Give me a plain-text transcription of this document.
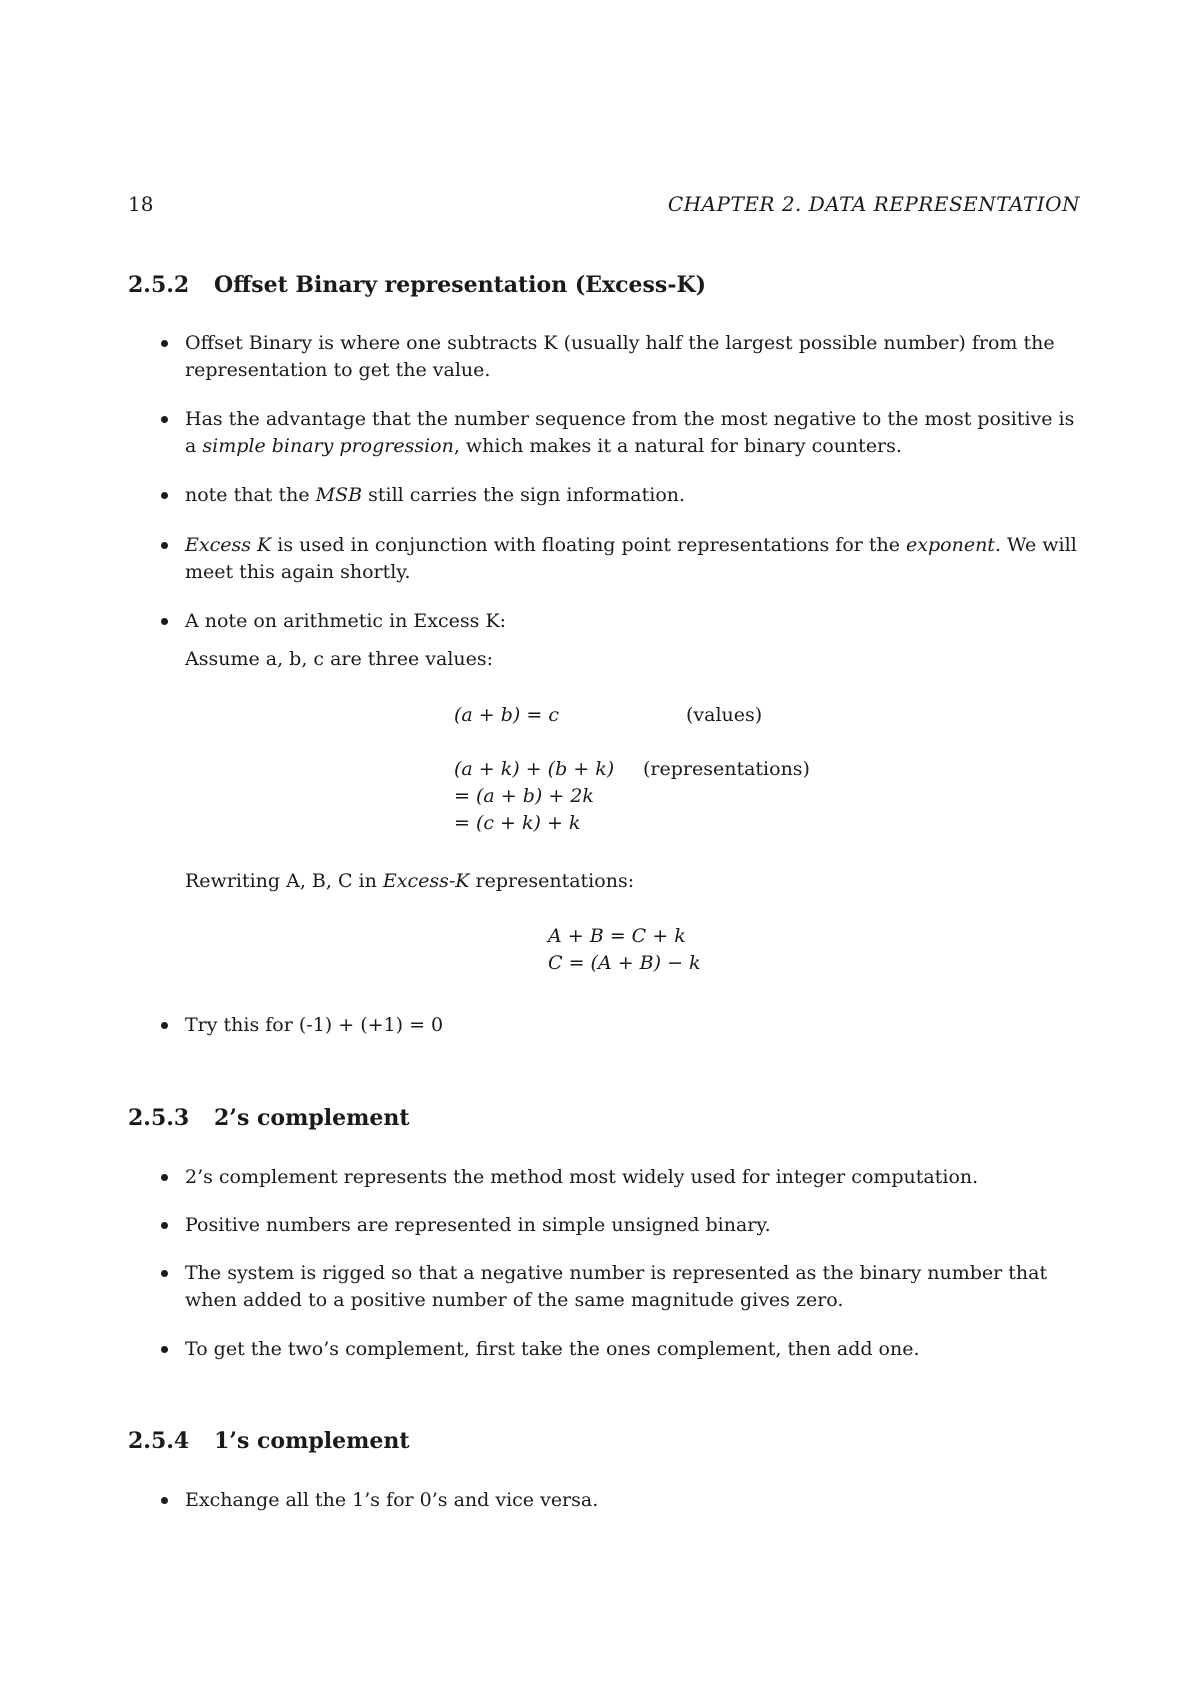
18	CHAPTER 2. DATA REPRESENTATION
2.5.2 Offset Binary representation (Excess-K)
Offset Binary is where one subtracts K (usually half the largest possible number) from the representation to get the value.
Has the advantage that the number sequence from the most negative to the most positive is a simple binary progression, which makes it a natural for binary counters.
note that the MSB still carries the sign information.
Excess K is used in conjunction with floating point representations for the exponent. We will meet this again shortly.
A note on arithmetic in Excess K:
Assume a, b, c are three values:
(a + b) = c	(values)
(a + k) + (b + k) (representations)
= (a + b) + 2k
= (c + k) + k
Rewriting A, B, C in Excess-K representations:
A + B = C + k
C = (A + B) − k
Try this for (-1) + (+1) = 0
2.5.3 2’s complement
2’s complement represents the method most widely used for integer computation.
Positive numbers are represented in simple unsigned binary.
The system is rigged so that a negative number is represented as the binary number that when added to a positive number of the same magnitude gives zero.
To get the two’s complement, first take the ones complement, then add one.
2.5.4 1’s complement
Exchange all the 1’s for 0’s and vice versa.
